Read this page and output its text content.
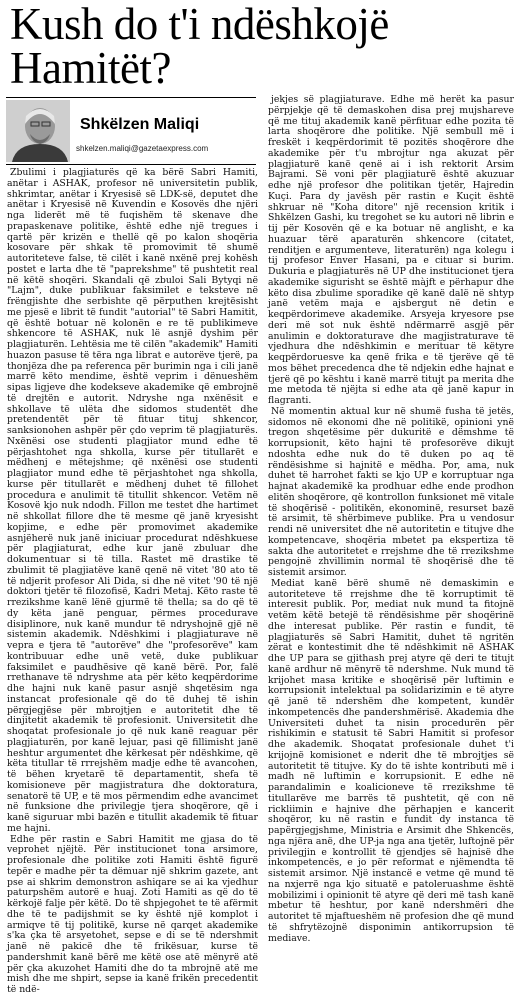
Kush do t'i ndëshkojë Hamitët?
Shkëlzen Maliqi
shkelzen.maliqi@gazetaexpress.com

Zbulimi i plagjiaturës që ka bërë Sabri Hamiti, anëtar i ASHAK, profesor në universitetin publik, shkrimtar, anëtar i Kryesisë së LDK-së, deputet dhe anëtar i Kryesisë në Kuvendin e Kosovës dhe njëri nga liderët më të fuqishëm të skenave dhe prapaskenave politike, është edhe një tregues i qartë për krizën e thellë që po kalon shoqëria kosovare për shkak të promovimit të shumë autoriteteve false, të cilët i kanë nxënë prej kohësh postet e larta dhe të "paprekshme" të pushtetit real në këtë shoqëri. Skandali që zbuloi Sali Bytyqi në "Lajm", duke publikuar faksimilet e teksteve në frëngjishte dhe serbishte që përputhen krejtësisht me pjesë e librit të fundit "autorial" të Sabri Hamitit, që është botuar në kolonën e re të publikimeve shkencore të ASHAK, nuk lë asnjë dyshim për plagjiaturën. Lehtësia me të cilën "akademik" Hamiti huazon pasuse të tëra nga librat e autorëve tjerë, pa thonjëza dhe pa referenca për burimin nga i cili janë marrë këto mendime, është veprim i dënueshëm sipas ligjeve dhe kodekseve akademike që embrojnë të drejtën e autorit. Ndryshe nga nxënësit e shkollave të ulëta dhe sidomos studentët dhe pretendentët për të fituar tituj shkencor, sanksionohen ashpër për çdo veprim të plagjiaturës. Nxënësi ose studenti plagjiator mund edhe të përjashtohet nga shkolla, kurse për titullarët e mëdhenj e mëtejshme; që nxënësi ose studenti plagjiator mund edhe të përjashtohet nga shkolla, kurse për titullarët e mëdhenj duhet të fillohet procedura e anulimit të titullit shkencor. Vetëm në Kosovë kjo nuk ndodh. Fillon me testet dhe hartimet në shkollat fillore dhe të mesme që janë kryesisht kopjime, e edhe për promovimet akademike asnjëherë nuk janë iniciuar procedurat ndëshkuese për plagjiaturat, edhe kur janë zbuluar dhe dokumentuar si të tilla. Rastet më drastike të zbulimit të plagjiatëve kanë qenë në vitet '80 ato të të ndjerit profesor Ali Dida, si dhe në vitet '90 të një doktori tjetër të filozofisë, Kadri Metaj. Këto raste të rrezikshme kanë lënë gjurmë të thella; sa do që të dy këta janë penguar, përmes procedurave disiplinore, nuk kanë mundur të ndryshojnë gjë në sistemin akademik. Ndëshkimi i plagjiaturave në vepra e tjera të "autorëve" dhe "profesorëve" kam kontribuuar edhe unë vetë, duke publikuar faksimilet e paudhësive që kanë bërë. Por, falë rrethanave të ndryshme ata për këto keqpërdorime dhe hajni nuk kanë pasur asnjë shqetësim nga instancat profesionale që do të duhej të ishin përgjegjëse për mbrojtjen e autoritetit dhe të dinjitetit akademik të profesionit. Universitetit dhe shoqatat profesionale jo që nuk kanë reaguar për plagjiaturën, por kanë lejuar, pasi që fillimisht janë heshtur argumentet dhe kërkesat për ndëshkime, që këta titullar të rrrejshëm madje edhe të avancohen, të bëhen kryetarë të departamentit, shefa të komisioneve për magjistratura dhe doktoratura, senatorë të UP, e të mos përmendim edhe avancimet në funksione dhe privilegje tjera shoqërore, që i kanë siguruar mbi bazën e titullit akademik të fituar me hajni.

Edhe për rastin e Sabri Hamitit me gjasa do të veprohet njëjtë. Për institucionet tona arsimore, profesionale dhe politike zoti Hamiti është figurë tepër e madhe për ta dëmuar një shkrim gazete, ant pse ai shkrim demonstron ashiqare se ai ka vjedhur paturpshëm autorë e huaj. Zoti Hamiti as që do të kërkojë falje për këtë. Do të shpjegohet te të afërmit dhe të te padijshmit se ky është një komplot i armiqve të tij politikë, kurse në qarqet akademike s'ka çka të arsyetohet, sepse e di se të ndershmit janë në pakicë dhe të frikësuar, kurse të pandershmit kanë bërë me këtë ose atë mënyrë atë për çka akuzohet Hamiti dhe do ta mbrojnë atë me mish dhe me shpirt, sepse ia kanë frikën precedentit të ndë-

jekjes së plagjiaturave. Edhe më herët ka pasur përpjekje që të demaskohen disa prej mujshareve që me tituj akademik kanë përfituar edhe pozita të larta shoqërore dhe politike. Një sembull më i freskët i keqpërdorimit të pozitës shoqërore dhe akademike për t'u mbrojtur nga akuzat për plagjiaturë kanë qenë ai i ish rektorit Arsim Bajrami. Së voni për plagjiaturë është akuzuar edhe një profesor dhe politikan tjetër, Hajredin Kuçi. Para dy javësh për rastin e Kuçit është shkruar në "Koha ditore" një recension kritik i Shkëlzen Gashi, ku tregohet se ku autori në librin e tij për Kosovën që e ka botuar në anglisht, e ka huazuar tërë aparaturën shkencore (citatet, renditjen e argumenteve, literaturën) nga kolegu i tij profesor Enver Hasani, pa e cituar si burim. Dukuria e plagjiaturës në UP dhe institucionet tjera akademike sigurisht se është màjft e përhapur dhe këto disa zbulime sporadike që kanë dalë në shtyp janë vetëm maja e ajsbergut në detin e keqpërdorimeve akademike. Arsyeja kryesore pse deri më sot nuk është ndërmarrë asgjë për anulimin e doktoraturave dhe magjistraturave të vjedhura dhe ndëshkimin e merituar të këtyre keqpërdoruesve ka qenë frika e të tjerëve që të mos bëhet precedenca dhe të ndjekin edhe hajnat e tjerë që po kështu i kanë marrë titujt pa merita dhe me metoda të njëjta si edhe ata që janë kapur in flagranti.

Në momentin aktual kur në shumë fusha të jetës, sidomos në ekonomi dhe në politikë, opinioni ynë tregon shqetësime për dukuritë e dëmshme të korrupsionit, këto hajni të profesorëve dikujt ndoshta edhe nuk do të duken po aq të rëndësishme si hajnitë e mëdha. Por, ama, nuk duhet të harrohet fakti se kjo UP e korruptuar nga hajnat akademikë ka prodhuar edhe ende prodhon elitën shoqërore, që kontrollon funksionet më vitale të shoqërisë - politikën, ekonominë, resurset bazë të arsimit, të shërbimeve publike. Pra u vendosur rendi në universitet dhe në autoritetin e titujve dhe kompetencave, shoqëria mbetet pa ekspertiza të sakta dhe autoritetet e rrejshme dhe të rrezikshme pengojnë zhvillimin normal të shoqërisë dhe të sistemit arsimor.

Mediat kanë bërë shumë në demaskimin e autoriteteve të rrejshme dhe të korruptimit të interesit publik. Por, mediat nuk mund ta fitojnë vetëm këtë betejë të rëndësishme për shoqërinë dhe interesat publike. Për rastin e fundit, të plagjiaturës së Sabri Hamitit, duhet të ngritën zërat e kontestimit dhe të ndëshkimit në ASHAK dhe UP para se gjithash prej atyre që deri te titujt kanë ardhur në mënyrë të ndershme. Nuk mund të krijohet masa kritike e shoqërisë për luftimin e korrupsionit intelektual pa solidarizimin e të atyre që janë të ndershëm dhe kompetent, kundër inkompetencës dhe pandershmërisë. Akademia dhe Universiteti duhet ta nisin procedurën për rishikimin e statusit të Sabri Hamitit si profesor dhe akademik. Shoqatat profesionale duhet t'i krijojnë komisionet e nderit dhe të mbrojtjes së autoritetit të titujve. Ky do të ishte kontributi më i madh në luftimin e korrupsionit. E edhe në parandalimin e koalicioneve të rrezikshme të titullarëve me barrës të pushtetit, që con në rickliimin e hajnive dhe përhapjen e kancerit shoqëror, ku në rastin e fundit dy instanca të papërgjegjshme, Ministria e Arsimit dhe Shkencës, nga njëra anë, dhe UP-ja nga ana tjetër, luftojnë për privilegjin e kontrollit të gjendjes së hajnisë dhe inkompetencës, e jo për reformat e njëmendta të sistemit arsimor. Një instancë e vetme që mund të na nxjerrë nga kjo situatë e patoleruashme është mobilizimi i opinionit të atyre që deri më tash kanë mbetur të heshtur, por kanë ndershmëri dhe autoritet të mjaftueshëm në profesion dhe që mund të shfrytëzojnë disponimin antikorrupsion të mediave.
